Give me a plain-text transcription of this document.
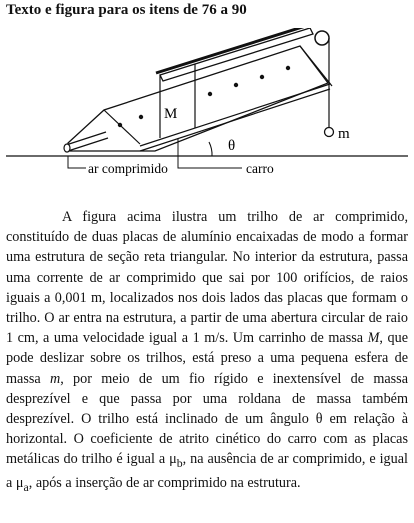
Texto e figura para os itens de 76 a 90
M
m
θ
ar comprimido	carro

A figura acima ilustra um trilho de ar comprimido, constituído de duas placas de alumínio encaixadas de modo a formar uma estrutura de seção reta triangular. No interior da estrutura, passa uma corrente de ar comprimido que sai por 100 orifícios, de raios iguais a 0,001 m, localizados nos dois lados das placas que formam o trilho. O ar entra na estrutura, a partir de uma abertura circular de raio 1 cm, a uma velocidade igual a 1 m/s. Um carrinho de massa M, que pode deslizar sobre os trilhos, está preso a uma pequena esfera de massa m, por meio de um fio rígido e inextensível de massa desprezível e que passa por uma roldana de massa também desprezível. O trilho está inclinado de um ângulo θ em relação à horizontal. O coeficiente de atrito cinético do carro com as placas metálicas do trilho é igual a $\mu_b$, na ausência de ar comprimido, e igual a $\mu_a$, após a inserção de ar comprimido na estrutura.
